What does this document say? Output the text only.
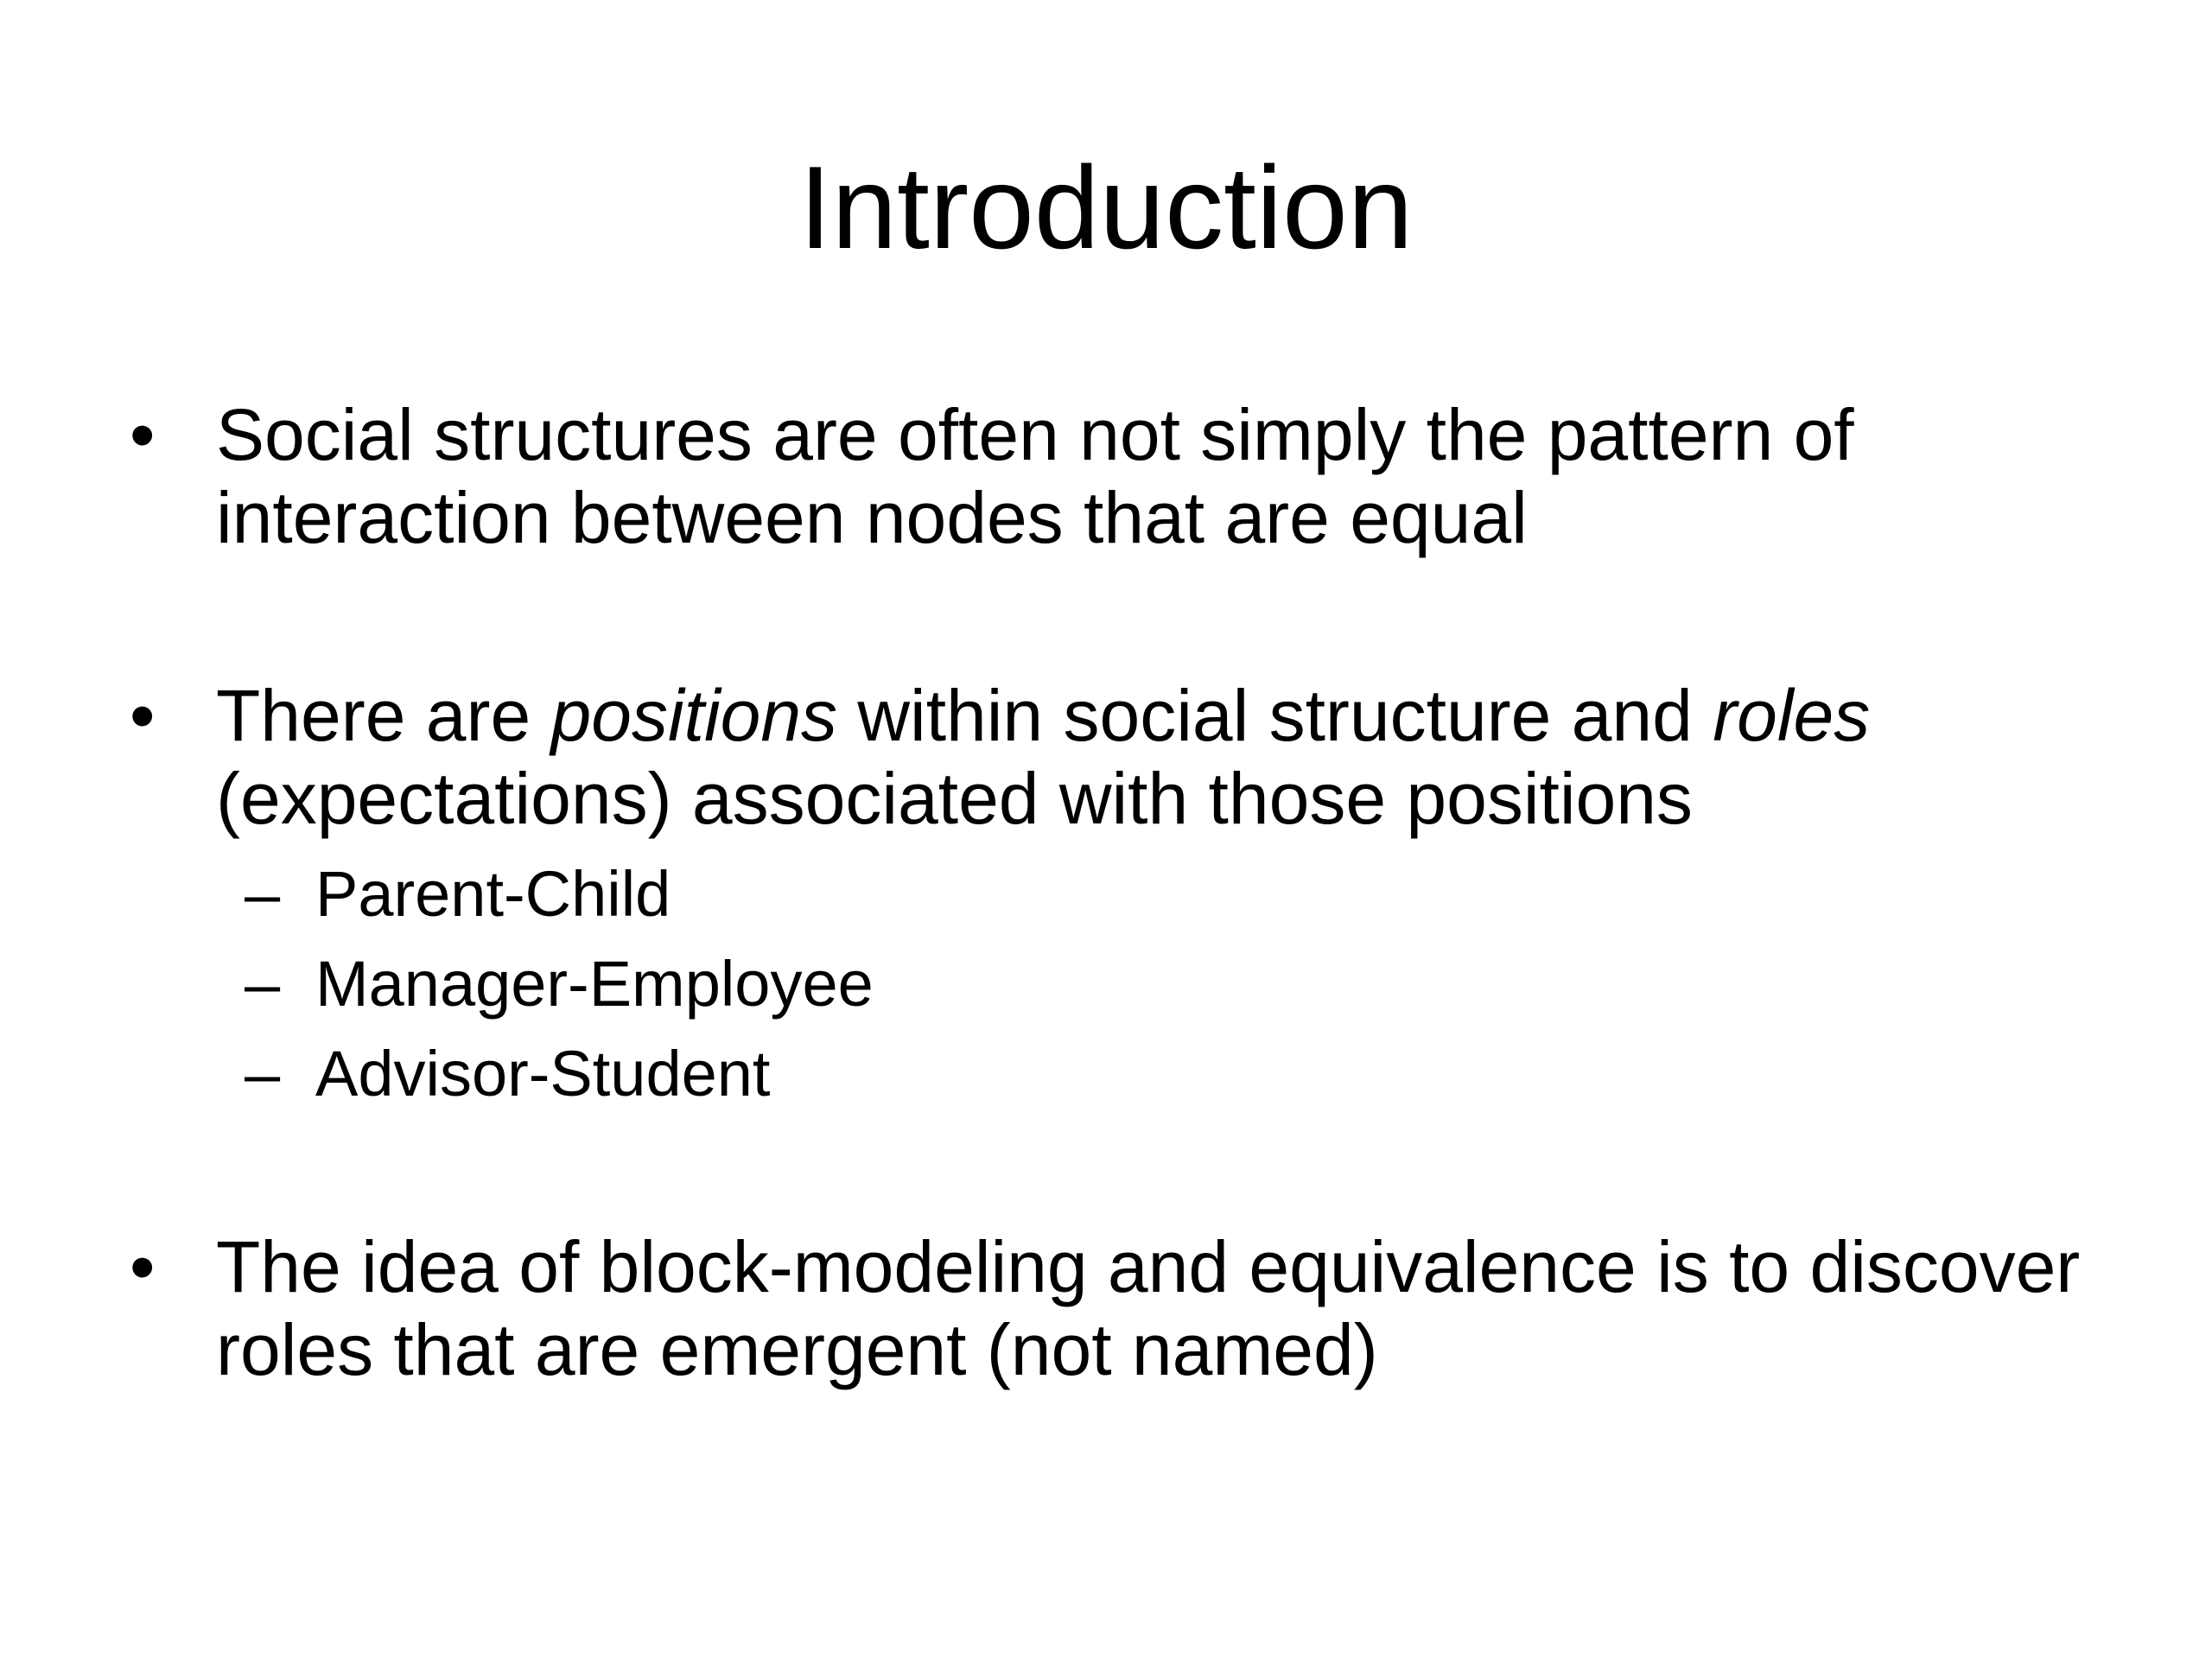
Introduction

• Social structures are often not simply the pattern of interaction between nodes that are equal

• There are positions within social structure and roles (expectations) associated with those positions

– Parent-Child

– Manager-Employee

– Advisor-Student

• The idea of block-modeling and equivalence is to discover roles that are emergent (not named)
